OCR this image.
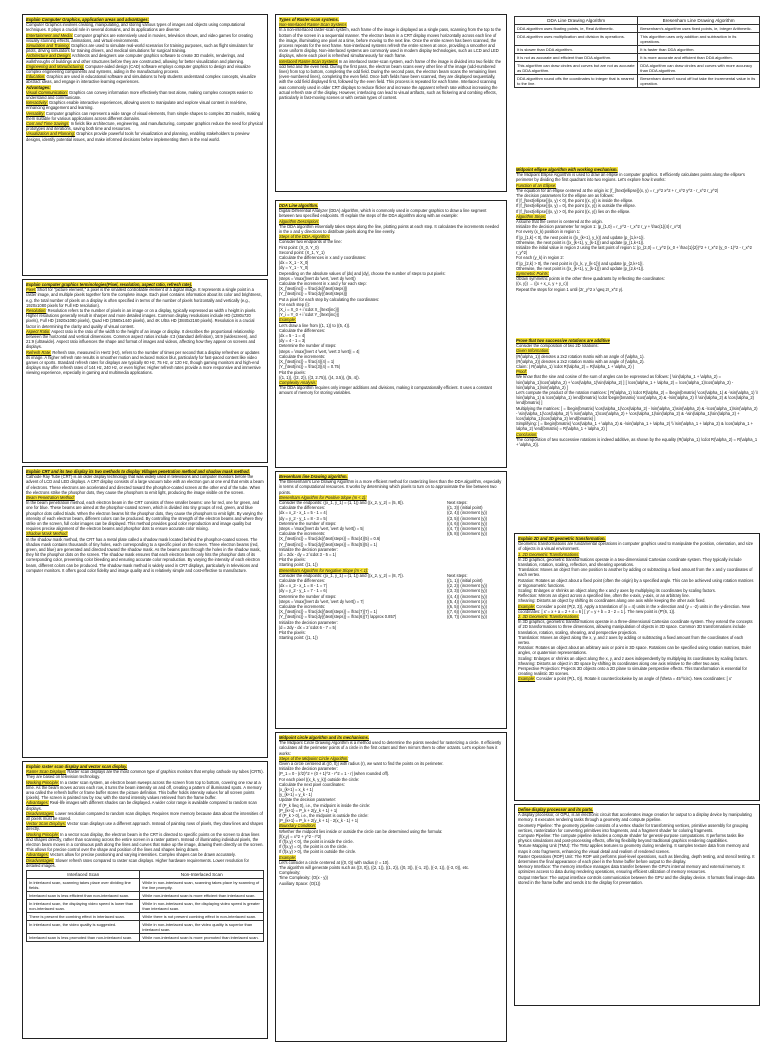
Explain Computer Graphics, application areas and advantages:

Computer Graphics involves creating, manipulating, and storing various types of images and objects using computational techniques. It plays a crucial role in several domains, and its applications are diverse:

Entertainment and Media: Computer graphics are extensively used in movies, television shows, and video games for creating visually stunning effects, animations, and virtual environments.

Simulation and Training: Graphics are used to simulate real-world scenarios for training purposes, such as flight simulators for pilots, driving simulators for training drivers, and medical simulations for surgical training.

Architecture and Design: Architects and designers use computer graphics software to create 3D models, renderings, and walkthroughs of buildings and other structures before they are constructed, allowing for better visualization and planning.

Engineering and Manufacturing: Computer-aided design (CAD) software employs computer graphics to design and visualize complex engineering components and systems, aiding in the manufacturing process.

Education: Graphics are used in educational software and simulations to help students understand complex concepts, visualize abstract ideas, and engage in interactive learning experiences.

Advantages:

Visual Communication: Graphics can convey information more effectively than text alone, making complex concepts easier to understand and communicate.

Interactivity: Graphics enable interactive experiences, allowing users to manipulate and explore visual content in real-time, enhancing engagement and learning.

Versatility: Computer graphics can represent a wide range of visual elements, from simple shapes to complex 3D models, making them suitable for various applications across different domains.

Cost and Time Savings: In fields like architecture, engineering, and manufacturing, computer graphics reduce the need for physical prototypes and iterations, saving both time and resources.

Visualization and Planning: Graphics provide powerful tools for visualization and planning, enabling stakeholders to preview designs, identify potential issues, and make informed decisions before implementing them in the real world.

Explain computer graphics terminologies(Pixel, resolution, aspect ratio, refresh rate).

Pixel: Short for "picture element," a pixel is the smallest controllable element of a digital image. It represents a single point in a raster image, and multiple pixels together form the complete image. Each pixel contains information about its color and brightness, e.g. the total number of pixels on a display is often specified in terms of the number of pixels horizontally and vertically (e.g., 1920x1080 pixels for Full HD resolution).

Resolution: Resolution refers to the number of pixels in an image or on a display, typically expressed as width x height in pixels. Higher resolutions generally result in sharper and more detailed images. Common display resolutions include HD (1280x720 pixels), Full HD (1920x1080 pixels), Quad HD (2560x1440 pixels), and 4K Ultra HD (3840x2160 pixels). Resolution is a crucial factor in determining the clarity and quality of visual content.

Aspect Ratio: Aspect ratio is the ratio of the width to the height of an image or display. It describes the proportional relationship between the horizontal and vertical dimensions. Common aspect ratios include 4:3 (standard definition), 16:9 (widescreen), and 21:9 (ultrawide). Aspect ratio influences the shape and format of images and videos, affecting how they appear on screens and displays.

Refresh Rate: Refresh rate, measured in Hertz (Hz), refers to the number of times per second that a display refreshes or updates its image. A higher refresh rate results in smoother motion and reduced motion blur, particularly for fast-paced content like video games or sports. Standard refresh rates for displays are typically 60 Hz, 75 Hz, or 120 Hz, though gaming monitors and high-end displays may offer refresh rates of 144 Hz, 240 Hz, or even higher. Higher refresh rates provide a more responsive and immersive viewing experience, especially in gaming and multimedia applications.

Explain CRT and its two display its two methods to display Villagen penetration method and shadow mask method.

Cathode Ray Tube (CRT) is an older display technology that was widely used in televisions and computer monitors before the advent of LCD and LED displays. A CRT display consists of a large vacuum tube with an electron gun at one end that emits a beam of electrons. These electrons are accelerated and directed toward the phosphor-coated screen at the other end of the tube. When the electrons strike the phosphor dots, they cause the phosphors to emit light, producing the image visible on the screen.

Beam Penetration Method:

In the beam penetration method, each electron beam in the CRT consists of three smaller beams: one for red, one for green, and one for blue. These beams are aimed at the phosphor-coated screen, which is divided into tiny groups of red, green, and blue phosphor dots called triads. When the electron beams hit the phosphor dots, they cause the phosphors to emit light. By varying the intensity of each electron beam, different colors can be produced. By controlling the strength of the electron beams and where they strike on the screen, full color images can be displayed. This method provides good color reproduction and image quality but requires precise alignment of the electron beams and phosphor dots to ensure accurate color mixing.

Shadow Mask Method:

In the shadow mask method, the CRT has a metal plate called a shadow mask located behind the phosphor-coated screen. The shadow mask contains thousands of tiny holes, each corresponding to a specific pixel on the screen. Three electron beams (red, green, and blue) are generated and directed toward the shadow mask. As the beams pass through the holes in the shadow mask, they hit the phosphor dots on the screen. The shadow mask ensures that each electron beam only hits the phosphor dots of its corresponding color, preventing color bleeding and ensuring accurate color reproduction. By varying the intensity of each electron beam, different colors can be produced. The shadow mask method is widely used in CRT displays, particularly in televisions and computer monitors. It offers good color fidelity and image quality and is relatively simple and cost-effective to manufacture.

Explain raster scan display and vector scan display.

Raster Scan Displays: Raster scan displays are the most common type of graphics monitors that employ cathode ray tubes (CRTs). They are based on television technology.

Working Principle: In a raster scan system, an electron beam sweeps across the screen from top to bottom, covering one row at a time. As the beam moves across each row, it turns the beam intensity on and off, creating a pattern of illuminated spots. A memory area called the refresh buffer or frame buffer stores the picture definition. This buffer holds intensity values for all screen points (pixels). The screen is painted row by row, with the stored intensity values retrieved from the frame buffer.

Advantages: Real-life images with different shades can be displayed. A wider color range is available compared to random scan displays.

Disadvantages: Lower resolution compared to random scan displays. Requires more memory because data about the intensities of all pixels must be stored.

Vector Scan Displays: Vector scan displays use a different approach. Instead of painting rows of pixels, they draw lines and shapes directly.

Working Principle: In a vector scan display, the electron beam in the CRT is directed to specific points on the screen to draw lines and shapes directly, rather than scanning across the entire screen in a raster pattern. Instead of illuminating individual pixels, the electron beam moves in a continuous path along the lines and curves that make up the image, drawing them directly on the screen. This allows for precise control over the shape and position of the lines and shapes being drawn.

Advantages: Vectors allow for precise positioning and varying intensities. Complex shapes can be drawn accurately.

Disadvantages: Slower refresh rates compared to raster scan displays. Higher hardware requirements. Lower resolution for detailed images.

Interlaced Scan	Non-Interlaced Scan
In interlaced scan, scanning takes place over dividing line fields.	While in non-interlaced scan, scanning takes place by scanning of the line promptly.
Interlaced scan is less efficient than non-interlaced scan.	While non-interlaced scan is more efficient than interlaced scan.
In interlaced scan, the displaying video speed is lower than non-interlaced scan.	While in non-interlaced scan, the displaying video speed is greater than interlaced scan.
There is present the combing effect in interlaced scan.	While there is not present combing effect in non-interlaced scan.
In interlaced scan, the video quality is suggested.	While in non-interlaced scan, the video quality is superior than interlaced scan.
Interlaced scan is less promoted than non-interlaced scan.	While non-interlaced scan is more promoted than interlaced scan.

Types of Raster-scan systems.

Non-Interlaced Raster-Scan Systems

In a non-interlaced raster-scan system, each frame of the image is displayed as a single pass, scanning from the top to the bottom of the screen in a sequential manner. The electron beam in a CRT display moves horizontally across each line of the image, illuminating one pixel at a time, before moving to the next line. Once the entire screen has been scanned, the process repeats for the next frame. Non-interlaced systems refresh the entire screen at once, providing a smoother and more uniform display. Non-interlaced systems are commonly used in modern display technologies, such as LCD and LED displays, where each pixel is refreshed simultaneously for each frame.

Interlaced Raster-Scan Systems In an interlaced raster-scan system, each frame of the image is divided into two fields: the odd field and the even field. During the first pass, the electron beam scans every other line of the image (odd-numbered lines) from top to bottom, completing the odd field. During the second pass, the electron beam scans the remaining lines (even-numbered lines), completing the even field. Once both fields have been scanned, they are displayed sequentially, with the odd field displayed first, followed by the even field. This process is repeated for each frame. Interlaced scanning was commonly used in older CRT displays to reduce flicker and increase the apparent refresh rate without increasing the actual refresh rate of the display. However, interlacing can lead to visual artifacts, such as flickering and combing effects, particularly in fast-moving scenes or with certain types of content.

DDA Line algorithm.

Digital Differential Analyzer (DDA) algorithm, which is commonly used in computer graphics to draw a line segment between two specified endpoints. I'll explain the steps of the DDA algorithm along with an example:

Algorithm Description:

The DDA algorithm essentially takes steps along the line, plotting points at each step. It calculates the increments needed in the x and y directions to distribute pixels along the line evenly.

Steps of the DDA Algorithm:

Consider two endpoints of the line:

First point: (X_0, Y_0)

Second point: (X_1, Y_1)

Calculate the differences in x and y coordinates:

|dx = X_1 - X_0|

|dy = Y_1 - Y_0|

Depending on the absolute values of |dx| and |dy|, choose the number of steps to put pixels:

|steps = \max(|\vert dx \vert, \vert dy \vert|)

Calculate the increment in x and y for each step:

|X_{\text{inc}} = \frac{dx}{\text{steps}}|

|Y_{\text{inc}} = \frac{dy}{\text{steps}}|

Put a pixel for each step by calculating the coordinates:

For each step (i):

|X_i = X_0 + i \cdot X_{\text{inc}}|

|Y_i = Y_0 + i \cdot Y_{\text{inc}}|

Example:

Let's draw a line from ((1, 1)) to ((5, 4)).

Calculate the differences:

|dx = 5 - 1 = 4|

|dy = 4 - 1 = 3|

Determine the number of steps:

|steps = \max(|\vert 4 \vert, \vert 3 \vert)| = 4|

Calculate the increments:

|X_{\text{inc}} = \frac{4}{4} = 1|

|Y_{\text{inc}} = \frac{3}{4} = 0.75|

Plot the pixels:

((1, 1)), ((2, 2)), ((3, 2.75)), ((4, 3.5)), ((5, 4)).

Complexity Analysis:

The DDA algorithm requires only integer additions and divisions, making it computationally efficient. It uses a constant amount of memory for storing variables.

Bresenham line Drawing algorithm.

The Bresenham's Line Drawing Algorithm is a more efficient method for rasterizing lines than the DDA algorithm, especially in terms of computational resources. It works by determining which pixels to turn on to approximate the line between two points.

Bresenham Algorithm for Positive Slope (m < 1):

Consider the endpoints: ((x_1, y_1) = (1, 1)) and ((x_2, y_2) = (5, 8)).

Calculate the differences:

|dx = x_2 - x_1 = 5 - 1 = 4|

|dy = y_2 - y_1 = 8 - 3 = 5|

Determine the number of steps:

|steps = \max(|\vert dx \vert, \vert dy \vert|) = 5|

Calculate the increments:

|X_{\text{inc}} = \frac{dx}{\text{steps}} = \frac{4}{5} = 0.6|

|Y_{\text{inc}} = \frac{dy}{\text{steps}} = \frac{5}{5} = 1|

Initialize the decision parameter:

|d = 2dx - dy = 2 \cdot 3 - 5 = 1|

Plot the pixels:

Starting point: ((1, 1))

Next steps:

((1, 3)) (initial point)

((2, 4)) (increment (y))

((3, 5)) (increment (y))

((4, 6)) (increment (y))

((4, 7)) (increment (y))

((5, 8)) (increment (y))

Bresenham Algorithm for Negative Slope (m < 1):

Consider the endpoints: ((x_1, y_1) = (1, 1)) and ((x_2, y_2) = (8, 7)).

Calculate the differences:

|dx = x_2 - x_1 = 8 - 1 = 7|

|dy = y_2 - y_1 = 7 - 1 = 6|

Determine the number of steps:

|steps = \max(|\vert dx \vert, \vert dy \vert|) = 7|

Calculate the increments:

|X_{\text{inc}} = \frac{dx}{\text{steps}} = \frac{7}{7} = 1|

|Y_{\text{inc}} = \frac{dy}{\text{steps}} = \frac{6}{7} \approx 0.857|

Initialize the decision parameter:

|d = 2dy - dx = 2 \cdot 6 - 7 = 5|

Plot the pixels:

Starting point: ((1, 1))

Next steps:

((1, 1)) (initial point)

((2, 2)) (increment (y))

((3, 3)) (increment (y))

((4, 4)) (increment (y))

((5, 4)) (increment (x))

((6, 5)) (increment (y))

((7, 6)) (increment (y))

((8, 7)) (increment (y))

Midpoint circle algorithm and its mechanisms.

The Midpoint Circle Drawing Algorithm is a method used to determine the points needed for rasterizing a circle. It efficiently calculates all the perimeter points of a circle in the first octant and then mirrors them to other octants. Let's explore how it works:

Steps of the Midpoint Circle Algorithm:

Given a circle centered at ((0, 0)) with radius (r), we want to find the points on its perimeter.

Initialize the decision parameter:

|P_1 = 0 - (r/2)^2 + (0 + 1)^2 - r^2 = 1 - r| (when rounded off).

For each pixel ((x_k, y_k)) outside the circle:

Calculate the next pixel coordinates:

|x_{k+1} = x_k + 1|

|y_{k+1} = y_k - 1|

Update the decision parameter:

If (P_k \leq 0), i.e., the midpoint is inside the circle:

|P_{k+1} = P_k + 2(y_k + 1) + 1|

If (P_k > 0), i.e., the midpoint is outside the circle:

|P_{k+1} = P_k + 2(y_k + 1) - 2(x_k - 1) + 1|

Boundary Condition:

Whether the midpoint lies inside or outside the circle can be determined using the formula:

|f(x,y) = x^2 + y^2 - r^2|

If (f(x,y) < 0), the point is inside the circle.

If (f(x,y) = 0), the point is on the circle.

If (f(x,y) > 0), the point is outside the circle.

Example:

Let's consider a circle centered at ((0, 0)) with radius (r = 10).

The algorithm will generate points such as ((3, 0)), ((2, 1)), ((1, 2)), ((0, 3)), ((-1, 2)), ((-2, 1)), ((-3, 0)), etc.

Complexity:

Time Complexity: (O(x - y))

Auxiliary Space: (O(1))

DDA Line Drawing Algorithm	Bresenham Line Drawing Algorithm
DDA algorithm uses floating points, ie, Real Arithmetic.	Bresenham's algorithm uses fixed points, ie, Integer Arithmetic.
DDA algorithm uses multiplication and division its operations.	This algorithm uses only addition and subtraction in its operations.
It is slower than DDA algorithm.	It is faster than DDA algorithm.
It is not as accurate and efficient than DDA algorithm.	It is more accurate and efficient than DDA algorithm.
This algorithm can draw circles and curves but are not as accurate as DDA algorithm.	DDA algorithm can draw circles and curves with more accuracy than DDA algorithm.
DDA algorithm round offs the coordinates to integer that is nearest to the line.	Bresenham doesn't round off but take the incremental value in its operation.

Midpoint ellipse algorithm with working mechanism.

The Midpoint Ellipse Algorithm is used to draw an ellipse in computer graphics. It efficiently calculates points along the ellipse's perimeter by dividing the first quadrant into two regions. Let's explore how it works:

Function of an Ellipse:

The equation for an ellipse centered at the origin is: |f_{\text{ellipse}}(x, y) = r_y^2 x^2 + r_x^2 y^2 - r_x^2 r_y^2|

The decision parameters for the ellipse are as follows:

If |f_{\text{ellipse}}(x, y) < 0|, the point ((x, y)) is inside the ellipse.

If |f_{\text{ellipse}}(x, y) = 0|, the point ((x, y)) is outside the ellipse.

If |f_{\text{ellipse}}(x, y) > 0|, the point ((x, y)) lies on the ellipse.

Algorithm Steps:

Assume that the center is centered at the origin.

Initialize the decision parameter for region 1: |p_{1,0} = r_y^2 - r_x^2 r_y + \frac{1}{4} r_x^2|

For every (x_k) position in region 1:

If |p_{1,k} < 0|, the next point is ((x_{k+1}, y_k)) and update |p_{1,k+1}|.

Otherwise, the next point is ((x_{k+1}, y_{k-1})) and update |p_{1,k+1}|.

Initialize the initial value in region 2 using the last point of region 1: |p_{2,0} = r_y^2 (x_0 + \frac{1}{2})^2 + r_x^2 (y_0 - 1)^2 - r_x^2 r_y^2|

For each (y_k) in region 2:

If |p_{2,k} > 0|, the next point is ((x_k, y_{k-1})) and update |p_{2,k+1}|.

Otherwise, the next point is ((x_{k+1}, y_{k-1})) and update |p_{2,k+1}|.

Symmetric Points:

Obtain symmetric points in the other three quadrants by reflecting the coordinates:

((x, y)) → ((x + x_c, y + y_c))

Repeat the steps for region 1 until (2r_y^2 x \geq 2r_x^2 y).

Prove that two successive rotations are additive

Consider the composition of two 2D rotations:

Given Information:

(R(\alpha_1)) denotes a 2x2 rotation matrix with an angle of (\alpha_1).

(R(\alpha_2)) denotes a 2x2 rotation matrix with an angle of (\alpha_2).

Claim: ( R(\alpha_1) \cdot R(\alpha_2) = R(\alpha_1 + \alpha_2) )

Proof:

We know that the sine and cosine of the sum of angles can be expressed as follows: [ \sin(\alpha_1 + \alpha_2) = \sin(\alpha_1)\cos(\alpha_2) + \cos(\alpha_1)\sin(\alpha_2) ] [ \cos(\alpha_1 + \alpha_2) = \cos(\alpha_1)\cos(\alpha_2) - \sin(\alpha_1)\sin(\alpha_2) ]

Let's compute the product of the rotation matrices: [ R(\alpha_1) \cdot R(\alpha_2) = \begin{bmatrix} \cos(\alpha_1) & -\sin(\alpha_1) \\ \sin(\alpha_1) & \cos(\alpha_1) \end{bmatrix} \cdot \begin{bmatrix} \cos(\alpha_2) & -\sin(\alpha_2) \\ \sin(\alpha_2) & \cos(\alpha_2) \end{bmatrix} ]

Multiplying the matrices: [ = \begin{bmatrix} \cos(\alpha_1)\cos(\alpha_2) - \sin(\alpha_1)\sin(\alpha_2) & -\cos(\alpha_1)\sin(\alpha_2) - \sin(\alpha_1)\cos(\alpha_2) \\ \sin(\alpha_1)\cos(\alpha_2) + \cos(\alpha_1)\sin(\alpha_2) & -\sin(\alpha_1)\sin(\alpha_2) + \cos(\alpha_1)\cos(\alpha_2) \end{bmatrix} ]

Simplifying: [ = \begin{bmatrix} \cos(\alpha_1 + \alpha_2) & -\sin(\alpha_1 + \alpha_2) \\ \sin(\alpha_1 + \alpha_2) & \cos(\alpha_1 + \alpha_2) \end{bmatrix} = R(\alpha_1 + \alpha_2) ]

Conclusion:

The composition of two successive rotations is indeed additive, as shown by the equality (R(\alpha_1) \cdot R(\alpha_2) = R(\alpha_1 + \alpha_2)).

Explain 2D and 3D geometric transformation.

Geometric transformations are fundamental operations in computer graphics used to manipulate the position, orientation, and size of objects in a visual environment.

1. 2D Geometric Transformations:

In 2D graphics, geometric transformations operate in a two-dimensional Cartesian coordinate system. They typically include translation, rotation, scaling, reflection, and shearing operations.

Translation: Moves an object from one position to another by adding or subtracting a fixed amount from the x and y coordinates of each vertex.

Rotation: Rotates an object about a fixed point (often the origin) by a specified angle. This can be achieved using rotation matrices or trigonometric functions.

Scaling: Enlarges or shrinks an object along the x and y axes by multiplying its coordinates by scaling factors.

Reflection: Mirrors an object across a specified line, often the x-axis, y-axis, or an arbitrary line.

Shearing: Distorts an object by shifting its coordinates along one axis while keeping the other axis fixed.

Example: Consider a point (P(2, 3)). Apply a translation of (x = 4) units in the x-direction and (y = -2) units in the y-direction. New coordinates: [ x' = x + a = 2 + 4 = 6 ] [ y' = y + b = 3 - 2 = 1 ]. The new point is (P'(6, 1)).

2. 3D Geometric Transformations:

In 3D graphics, geometric transformations operate in a three-dimensional Cartesian coordinate system. They extend the concepts of 2D transformations to three dimensions, allowing manipulation of objects in 3D space. Common 3D transformations include translation, rotation, scaling, shearing, and perspective projection.

Translation: Moves an object along the x, y, and z axes by adding or subtracting a fixed amount from the coordinates of each vertex.

Rotation: Rotates an object about an arbitrary axis or point in 3D space. Rotations can be specified using rotation matrices, Euler angles, or quaternion representations.

Scaling: Enlarges or shrinks an object along the x, y, and z axes independently by multiplying its coordinates by scaling factors.

Shearing: Distorts an object in 3D space by shifting its coordinates along one axis relative to the other two axes.

Perspective Projection: Projects 3D objects onto a 2D plane to simulate perspective effects. This transformation is essential for creating realistic 3D scenes.

Example: Consider a point (P(1, 0)). Rotate it counterclockwise by an angle of (\theta = 45^\circ). New coordinates: [ x'

Define display processor and its parts.

A display processor, or GPU, is an electronic circuit that accelerates image creation for output to a display device by manipulating memory. It executes rendering tasks through a geometry and compute pipeline.

Geometry Pipeline: The geometry pipeline consists of a vertex shader for transforming vertices, primitive assembly for grouping vertices, rasterization for converting primitives into fragments, and a fragment shader for coloring fragments.

Compute Pipeline: The compute pipeline includes a compute shader for general-purpose computations. It performs tasks like physics simulations and post-processing effects, offering flexibility beyond traditional graphics rendering capabilities.

Texture Mapping Unit (TMU): The TMU applies textures to geometry during rendering. It samples texture data from memory and maps it onto fragments, enhancing the visual detail and realism of rendered scenes.

Raster Operations (ROP) Unit: The ROP unit performs pixel-level operations, such as blending, depth testing, and stencil testing. It determines the final appearance of each pixel in the frame buffer before output to the display.

Memory Interface: The memory interface manages data transfer between the GPU's internal memory and external memory. It optimizes access to data during rendering operations, ensuring efficient utilization of memory resources.

Output Interface: The output interface controls communication between the GPU and the display device. It formats final image data stored in the frame buffer and sends it to the display for presentation.
